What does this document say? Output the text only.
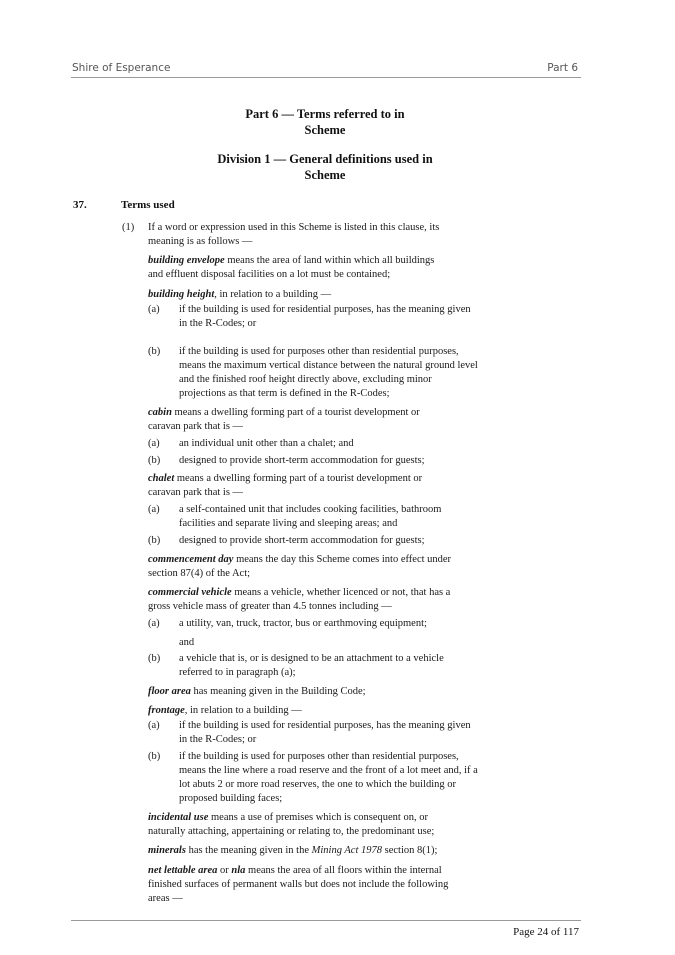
Shire of Esperance	Part 6
Part 6 — Terms referred to in
Scheme
Division 1 — General definitions used in
Scheme
37.	Terms used
(1) If a word or expression used in this Scheme is listed in this clause, its
meaning is as follows —
building envelope means the area of land within which all buildings
and effluent disposal facilities on a lot must be contained;
building height, in relation to a building —
(a) if the building is used for residential purposes, has the meaning given
in the R-Codes; or
(b) if the building is used for purposes other than residential purposes,
means the maximum vertical distance between the natural ground level
and the finished roof height directly above, excluding minor
projections as that term is defined in the R-Codes;
cabin means a dwelling forming part of a tourist development or
caravan park that is —
(a) an individual unit other than a chalet; and
(b) designed to provide short-term accommodation for guests;
chalet means a dwelling forming part of a tourist development or
caravan park that is —
(a) a self-contained unit that includes cooking facilities, bathroom
facilities and separate living and sleeping areas; and
(b) designed to provide short-term accommodation for guests;
commencement day means the day this Scheme comes into effect under
section 87(4) of the Act;
commercial vehicle means a vehicle, whether licenced or not, that has a
gross vehicle mass of greater than 4.5 tonnes including —
(a) a utility, van, truck, tractor, bus or earthmoving equipment;
and
(b) a vehicle that is, or is designed to be an attachment to a vehicle
referred to in paragraph (a);
floor area has meaning given in the Building Code;
frontage, in relation to a building —
(a) if the building is used for residential purposes, has the meaning given
in the R-Codes; or
(b) if the building is used for purposes other than residential purposes,
means the line where a road reserve and the front of a lot meet and, if a
lot abuts 2 or more road reserves, the one to which the building or
proposed building faces;
incidental use means a use of premises which is consequent on, or
naturally attaching, appertaining or relating to, the predominant use;
minerals has the meaning given in the Mining Act 1978 section 8(1);
net lettable area or nla means the area of all floors within the internal
finished surfaces of permanent walls but does not include the following
areas —
Page 24 of 117
